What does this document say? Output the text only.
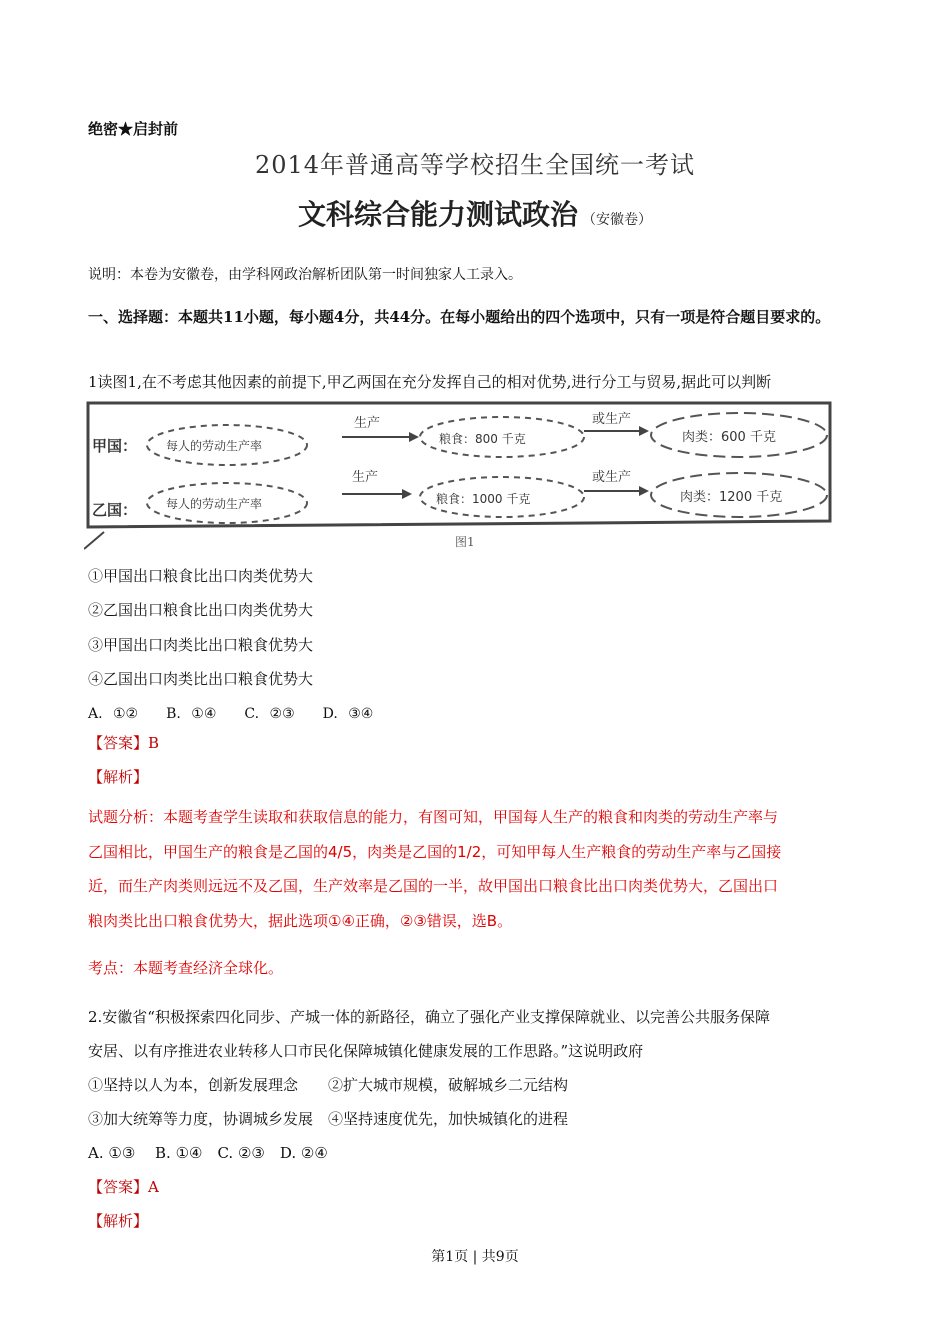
绝密★启封前
2014年普通高等学校招生全国统一考试
文科综合能力测试政治 （安徽卷）
说明：本卷为安徽卷，由学科网政治解析团队第一时间独家人工录入。
一、选择题：本题共11小题，每小题4分，共44分。在每小题给出的四个选项中，只有一项是符合题目要求的。
1读图1,在不考虑其他因素的前提下,甲乙两国在充分发挥自己的相对优势,进行分工与贸易,据此可以判断
甲国： 每人的劳动生产率
生产
粮食：800 千克
或生产
肉类：600 千克
乙国： 每人的劳动生产率
生产
粮食：1000 千克
或生产
肉类：1200 千克
图1
①甲国出口粮食比出口肉类优势大
②乙国出口粮食比出口肉类优势大
③甲国出口肉类比出口粮食优势大
④乙国出口肉类比出口粮食优势大
A. ①②　　B. ①④　　C. ②③　　D. ③④
【答案】B
【解析】

试题分析：本题考查学生读取和获取信息的能力，有图可知，甲国每人生产的粮食和肉类的劳动生产率与

乙国相比，甲国生产的粮食是乙国的4/5，肉类是乙国的1/2，可知甲每人生产粮食的劳动生产率与乙国接

近，而生产肉类则远远不及乙国，生产效率是乙国的一半，故甲国出口粮食比出口肉类优势大，乙国出口

粮肉类比出口粮食优势大，据此选项①④正确，②③错误，选B。

考点：本题考查经济全球化。

2.安徽省“积极探索四化同步、产城一体的新路径，确立了强化产业支撑保障就业、以完善公共服务保障

安居、以有序推进农业转移人口市民化保障城镇化健康发展的工作思路。”这说明政府

①坚持以人为本，创新发展理念　　②扩大城市规模，破解城乡二元结构

③加大统筹等力度，协调城乡发展　④坚持速度优先，加快城镇化的进程

A. ①③　 B. ①④　C. ②③　D. ②④

【答案】A

【解析】

第1页 | 共9页
